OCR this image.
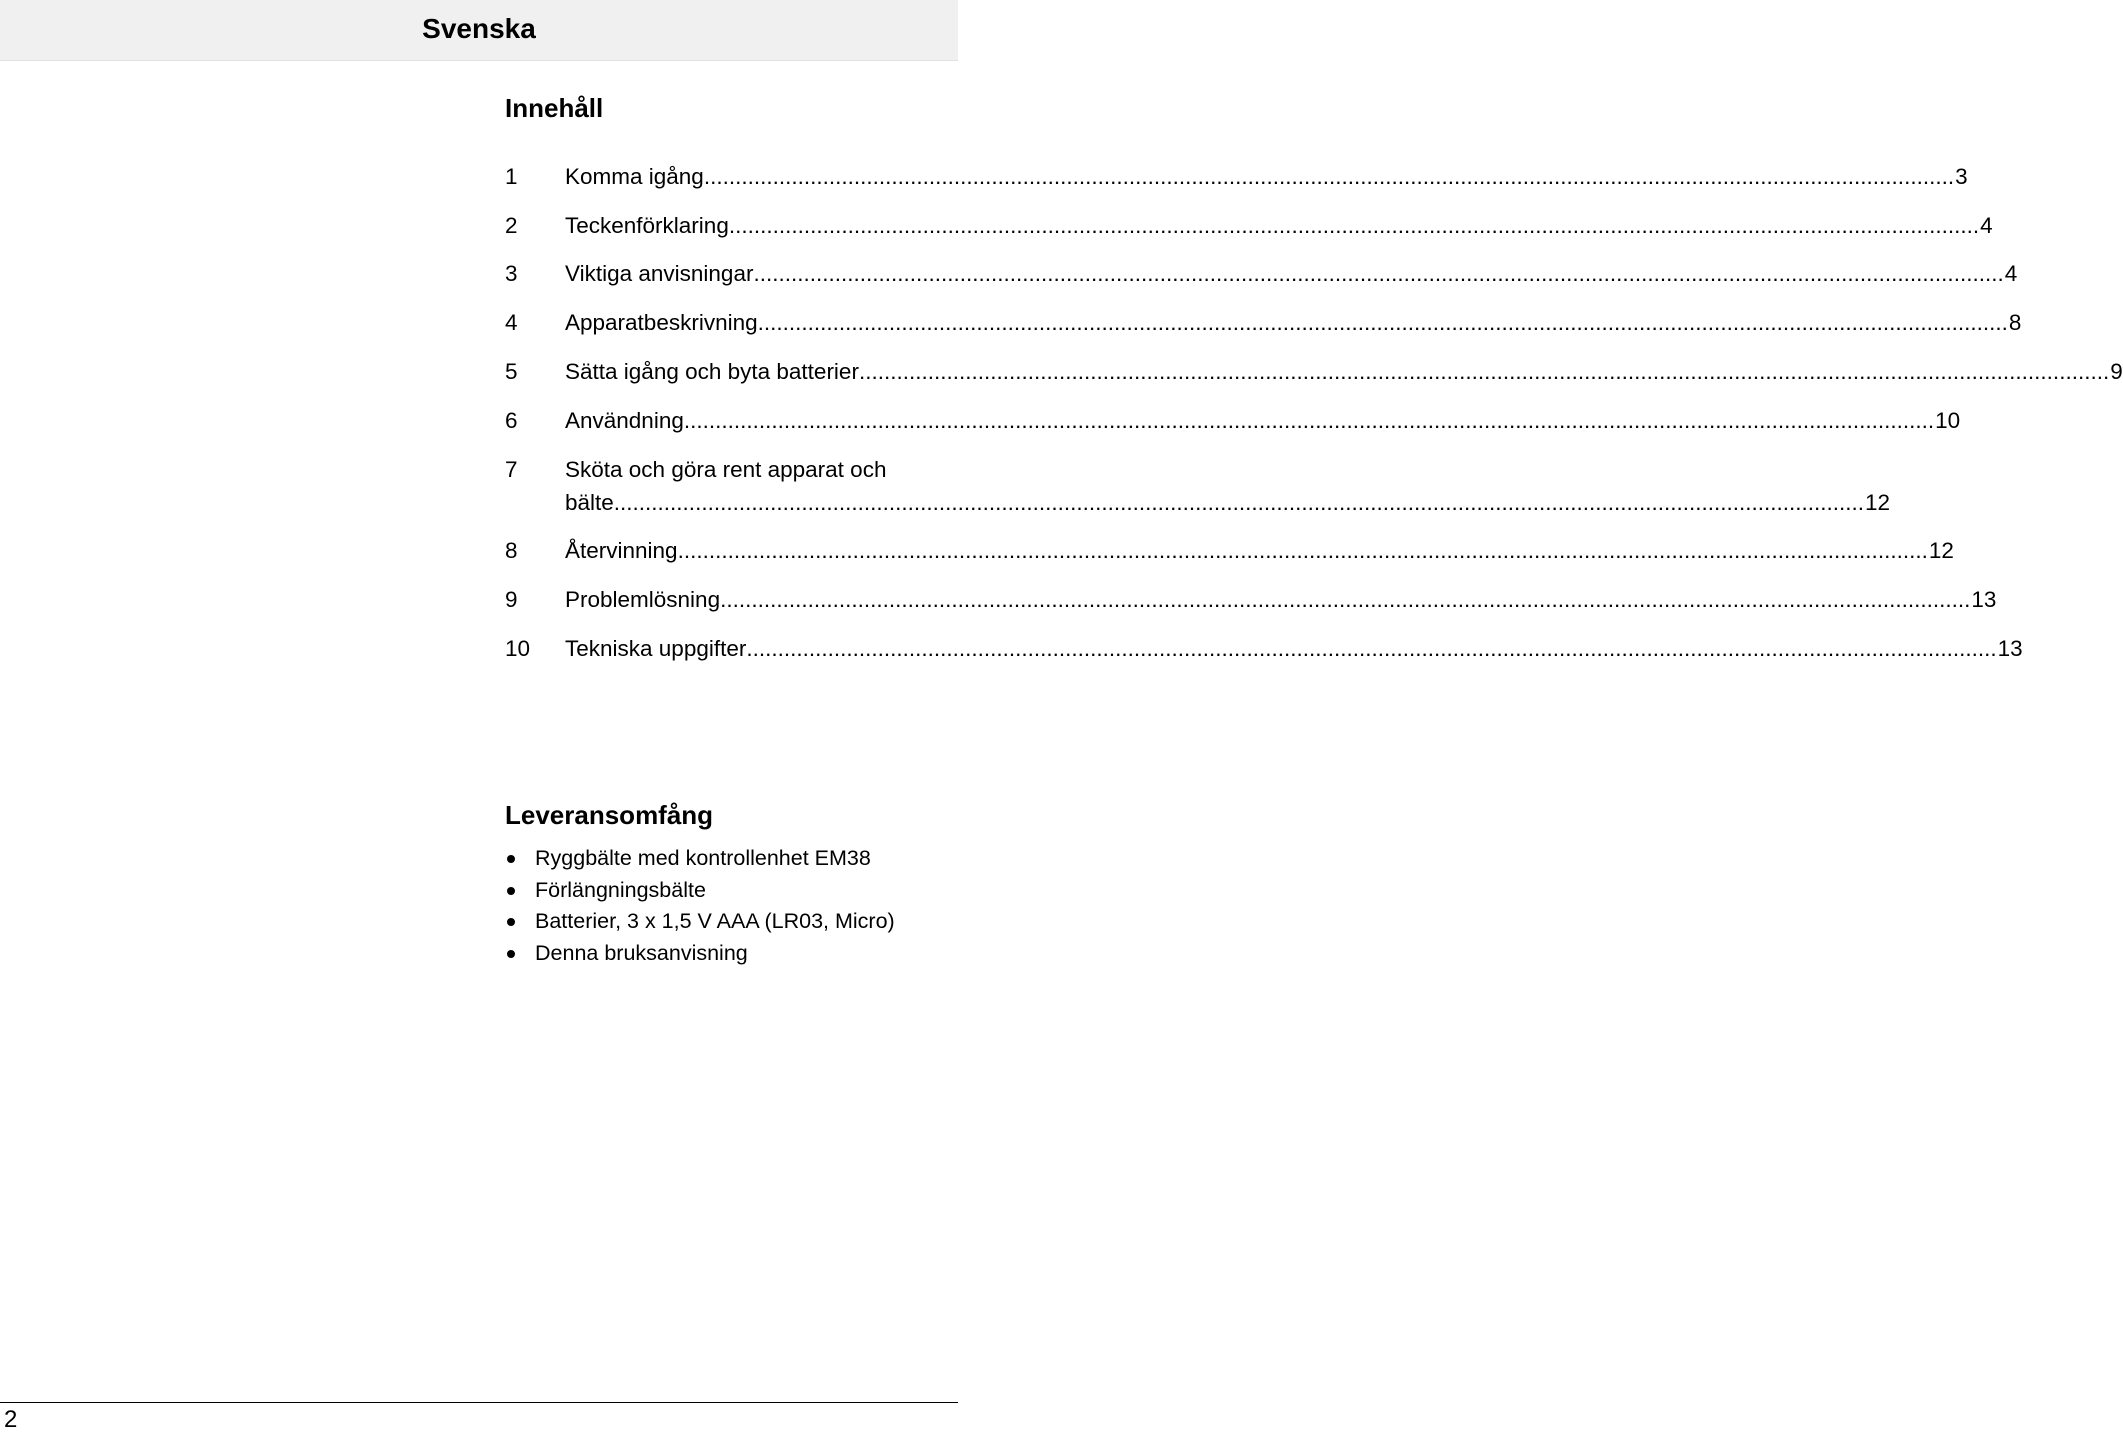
Svenska
Innehåll
1 Komma igång ........................................................................................................................................................................................................ 3
2 Teckenförklaring ........................................................................................................................................................................................................ 4
3 Viktiga anvisningar ........................................................................................................................................................................................................ 4
4 Apparatbeskrivning ........................................................................................................................................................................................................ 8
5 Sätta igång och byta batterier ........................................................................................................................................................................................................ 9
6 Användning ........................................................................................................................................................................................................ 10
7 Sköta och göra rent apparat och
bälte ........................................................................................................................................................................................................ 12
8 Återvinning ........................................................................................................................................................................................................ 12
9 Problemlösning ........................................................................................................................................................................................................ 13
10 Tekniska uppgifter ........................................................................................................................................................................................................ 13
Leveransomfång
Ryggbälte med kontrollenhet EM38
Förlängningsbälte
Batterier, 3 x 1,5 V AAA (LR03, Micro)
Denna bruksanvisning
2
